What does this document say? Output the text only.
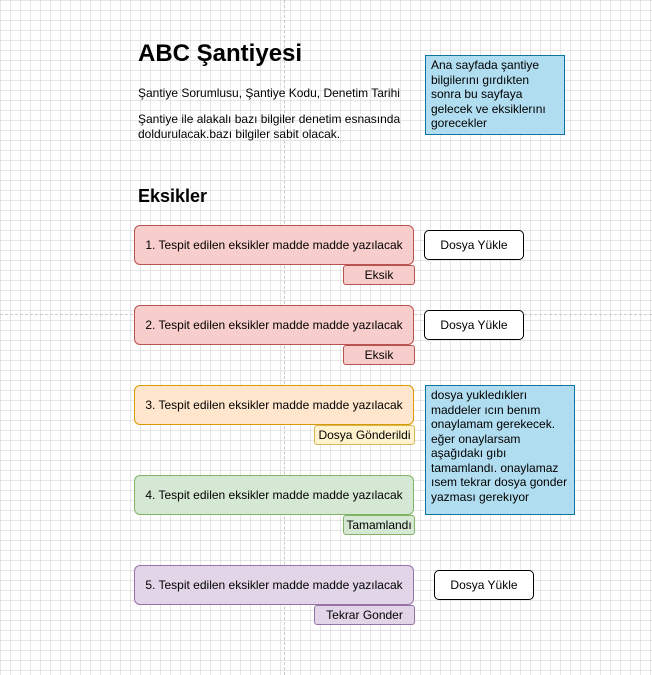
ABC Şantiyesi
Şantiye Sorumlusu, Şantiye Kodu, Denetim Tarihi
Şantiye ile alakalı bazı bilgiler denetim esnasında doldurulacak.bazı bilgiler sabit olacak.
Eksikler
Ana sayfada şantiye bilgilerını gırdıkten sonra bu sayfaya gelecek ve eksiklerını gorecekler
dosya yukledıklerı maddeler ıcın benım onaylamam gerekecek. eğer onaylarsam aşağıdakı gıbı tamamlandı. onaylamaz ısem tekrar dosya gonder yazması gerekıyor
1. Tespit edilen eksikler madde madde yazılacak
Eksik
Dosya Yükle
2. Tespit edilen eksikler madde madde yazılacak
Eksik
Dosya Yükle
3. Tespit edilen eksikler madde madde yazılacak
Dosya Gönderildi
4. Tespit edilen eksikler madde madde yazılacak
Tamamlandı
5. Tespit edilen eksikler madde madde yazılacak
Tekrar Gonder
Dosya Yükle
